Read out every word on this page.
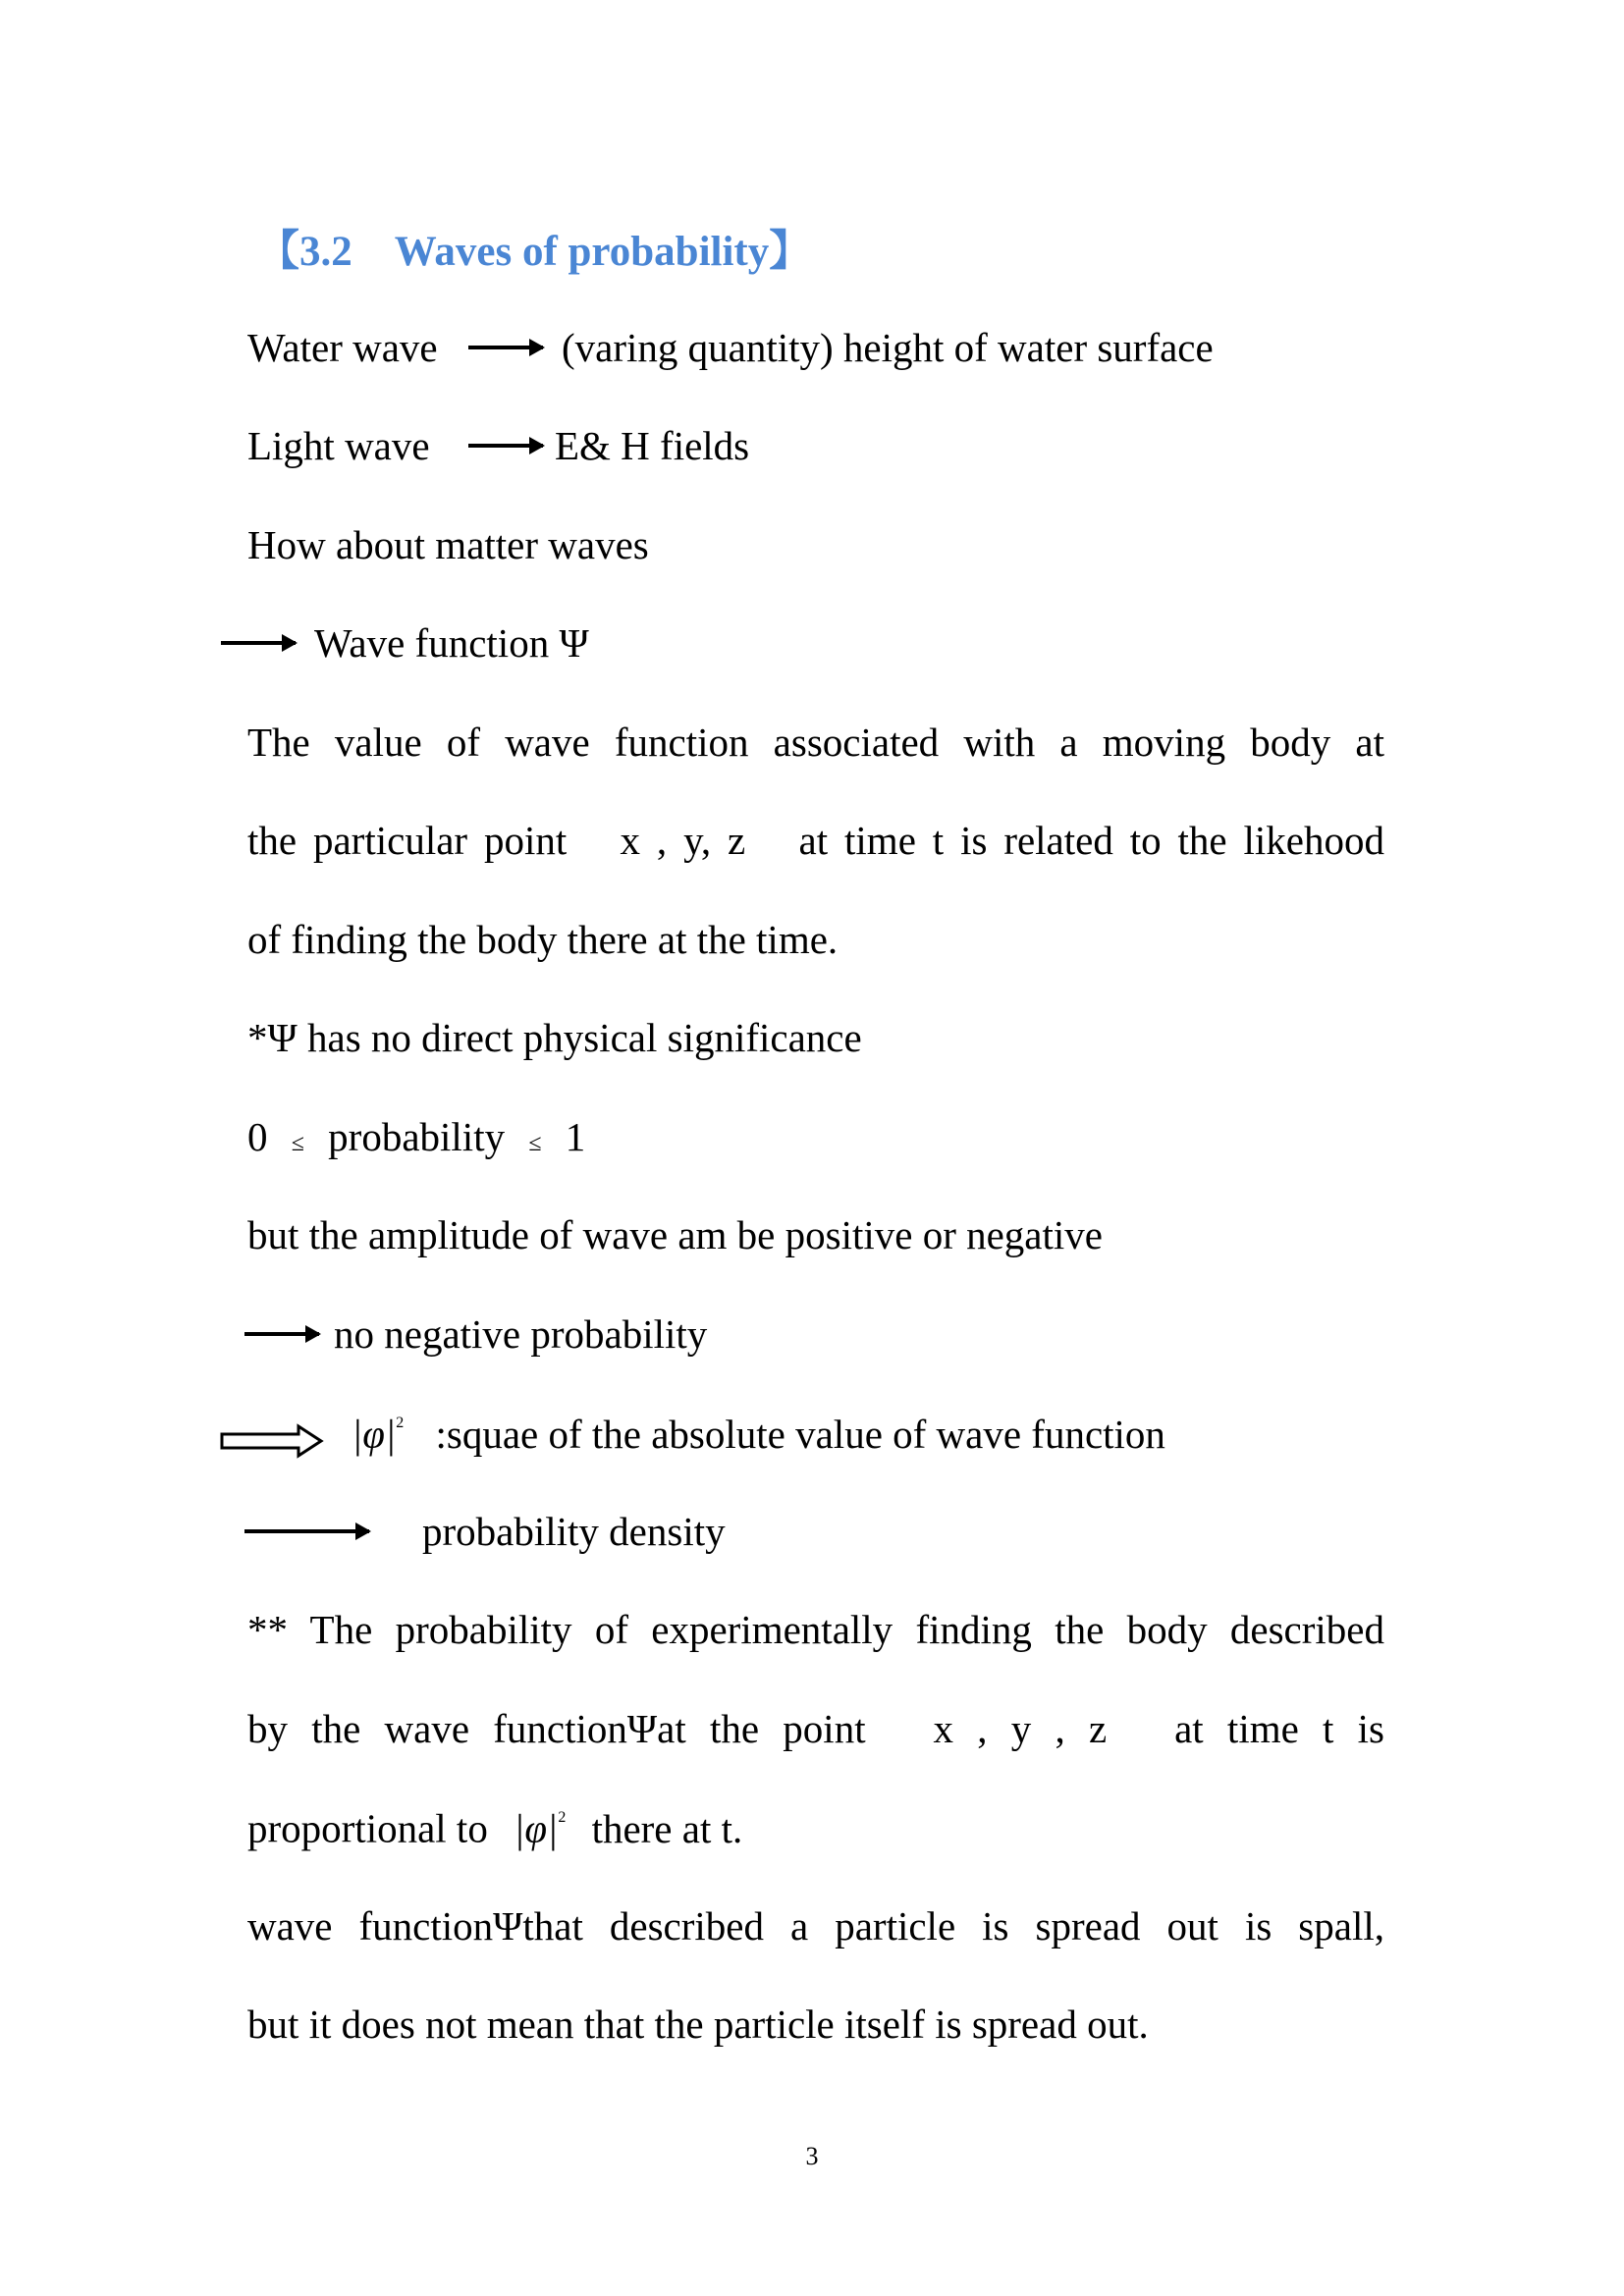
【3.2　Waves of probability】
Water wave	(varing quantity) height of water surface
Light wave	E& H fields
How about matter waves
Wave function Ψ
The value of wave function associated with a moving body at
the particular point　x , y, z　at time t is related to the likehood
of finding the body there at the time.
*Ψ has no direct physical significance
0 ≤ probability ≤ 1
but the amplitude of wave am be positive or negative
no negative probability
$|\varphi|^2$ :squae of the absolute value of wave function
probability density
** The probability of experimentally finding the body described
by the wave functionΨat the point　x , y , z　at time t is
proportional to $|\varphi|^2$ there at t.
wave functionΨthat described a particle is spread out is spall,
but it does not mean that the particle itself is spread out.
3
